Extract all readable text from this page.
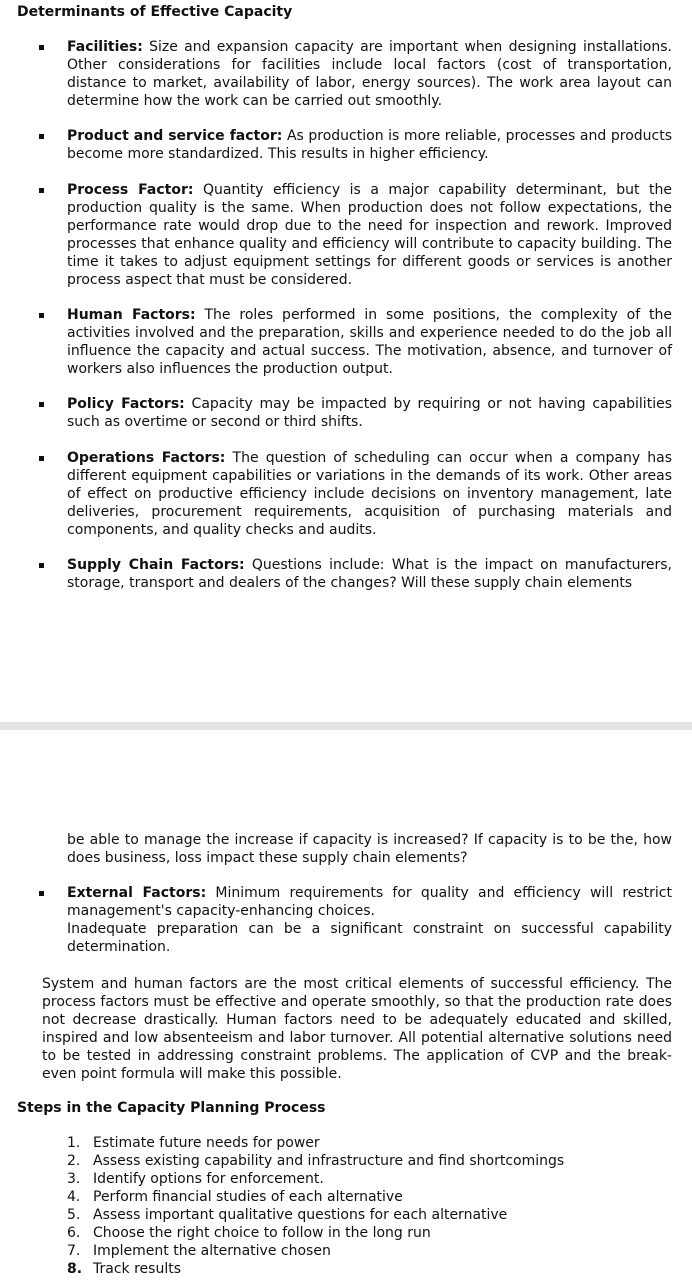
Determinants of Effective Capacity

Facilities: Size and expansion capacity are important when designing installations. Other considerations for facilities include local factors (cost of transportation, distance to market, availability of labor, energy sources). The work area layout can determine how the work can be carried out smoothly.

Product and service factor: As production is more reliable, processes and products become more standardized. This results in higher efficiency.

Process Factor: Quantity efficiency is a major capability determinant, but the production quality is the same. When production does not follow expectations, the performance rate would drop due to the need for inspection and rework. Improved processes that enhance quality and efficiency will contribute to capacity building. The time it takes to adjust equipment settings for different goods or services is another process aspect that must be considered.

Human Factors: The roles performed in some positions, the complexity of the activities involved and the preparation, skills and experience needed to do the job all influence the capacity and actual success. The motivation, absence, and turnover of workers also influences the production output.

Policy Factors: Capacity may be impacted by requiring or not having capabilities such as overtime or second or third shifts.

Operations Factors: The question of scheduling can occur when a company has different equipment capabilities or variations in the demands of its work. Other areas of effect on productive efficiency include decisions on inventory management, late deliveries, procurement requirements, acquisition of purchasing materials and components, and quality checks and audits.

Supply Chain Factors: Questions include: What is the impact on manufacturers, storage, transport and dealers of the changes? Will these supply chain elements

be able to manage the increase if capacity is increased? If capacity is to be the, how does business, loss impact these supply chain elements?

External Factors: Minimum requirements for quality and efficiency will restrict management's capacity-enhancing choices.
Inadequate preparation can be a significant constraint on successful capability determination.

System and human factors are the most critical elements of successful efficiency. The process factors must be effective and operate smoothly, so that the production rate does not decrease drastically. Human factors need to be adequately educated and skilled, inspired and low absenteeism and labor turnover. All potential alternative solutions need to be tested in addressing constraint problems. The application of CVP and the break-even point formula will make this possible.

Steps in the Capacity Planning Process
1. Estimate future needs for power
2. Assess existing capability and infrastructure and find shortcomings
3. Identify options for enforcement.
4. Perform financial studies of each alternative
5. Assess important qualitative questions for each alternative
6. Choose the right choice to follow in the long run
7. Implement the alternative chosen
8. Track results
